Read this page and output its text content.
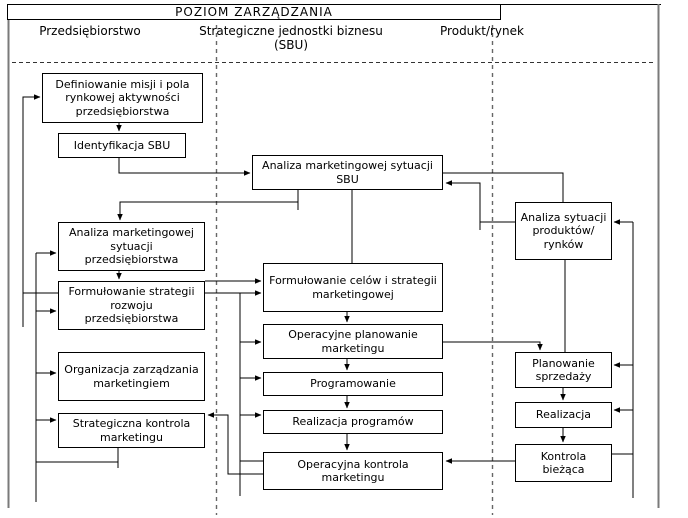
POZIOM ZARZĄDZANIA
Przedsiębiorstwo	Strategiczne jednostki biznesu
(SBU)
Produkt/rynek
Definiowanie misji i pola rynkowej aktywności przedsiębiorstwa
Identyfikacja SBU
Analiza marketingowej sytuacji przedsiębiorstwa
Formułowanie strategii rozwoju przedsiębiorstwa
Organizacja zarządzania marketingiem
Strategiczna kontrola marketingu
Analiza marketingowej sytuacji SBU
Formułowanie celów i strategii marketingowej
Operacyjne planowanie marketingu
Programowanie
Realizacja programów
Operacyjna kontrola marketingu
Analiza sytuacji produktów/ rynków
Planowanie sprzedaży
Realizacja
Kontrola bieżąca
